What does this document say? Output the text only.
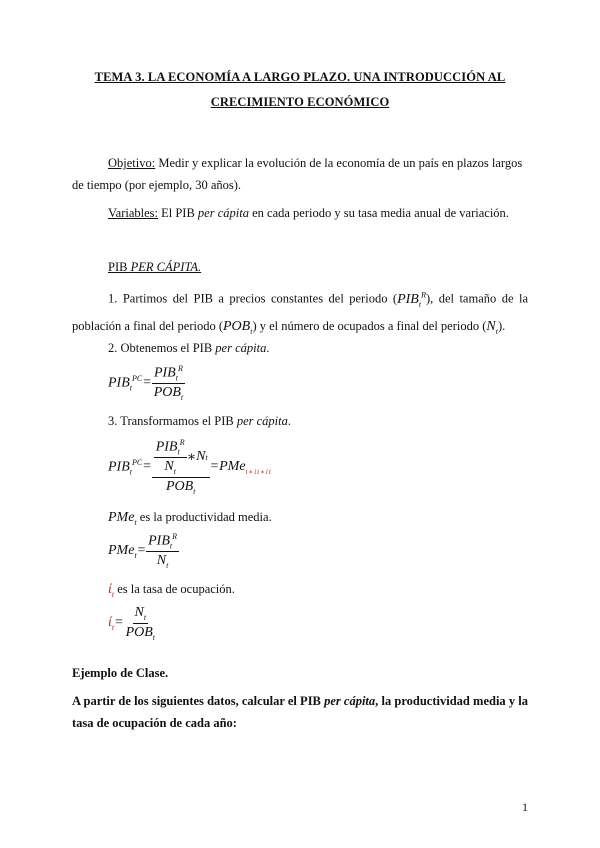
TEMA 3. LA ECONOMÍA A LARGO PLAZO. UNA INTRODUCCIÓN AL
CRECIMIENTO ECONÓMICO
Objetivo: Medir y explicar la evolución de la economía de un país en plazos largos de tiempo (por ejemplo, 30 años).
Variables: El PIB per cápita en cada periodo y su tasa media anual de variación.
PIB PER CÁPITA.
1. Partimos del PIB a precios constantes del periodo $(PIB_t^R)$, del tamaño de la población a final del periodo $(POB_t)$ y el número de ocupados a final del periodo $(N_t)$.
2. Obtenemos el PIB per cápita.
$PIB_t^{PC} = \frac{PIB_t^R}{POB_t}$
3. Transformamos el PIB per cápita.
$PIB_t^{PC} = \frac{\frac{PIB_t^R}{N_t} ∗ N t}{POB_t} = PMe_{t∗ίt∗ίt}$
PMe$_t$ es la productividad media.
$PMe_t = \frac{PIB_t^R}{N_t}$
$ί_t$ es la tasa de ocupación.
$ί_t = \frac{N_t}{POB_t}$
Ejemplo de Clase.
A partir de los siguientes datos, calcular el PIB per cápita, la productividad media y la tasa de ocupación de cada año:
1
